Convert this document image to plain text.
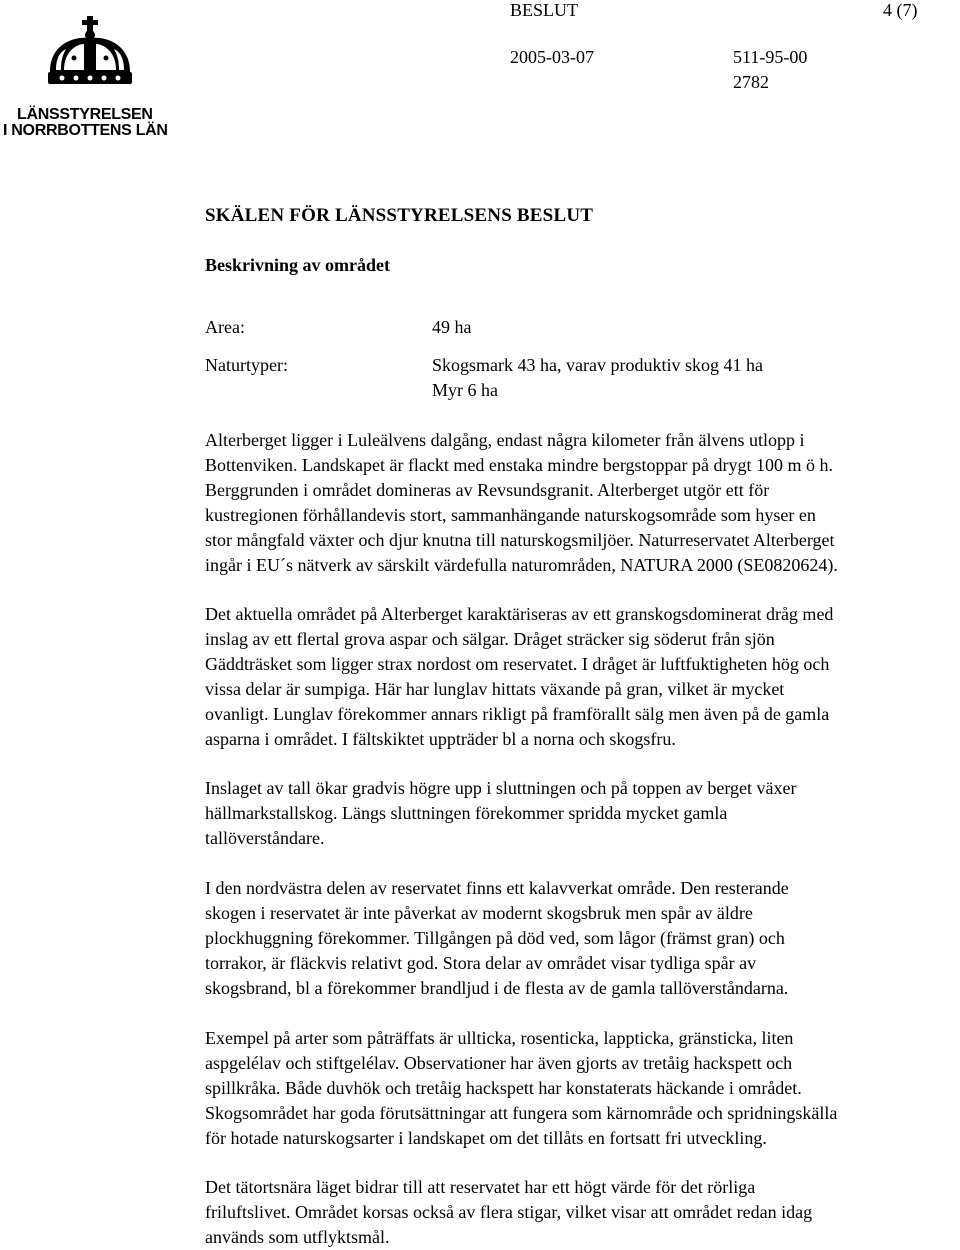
LÄNSSTYRELSEN
I NORRBOTTENS LÄN
BESLUT	4 (7)
2005-03-07	511-95-00
2782
SKÄLEN FÖR LÄNSSTYRELSENS BESLUT
Beskrivning av området
Area:	49 ha
Naturtyper:	Skogsmark 43 ha, varav produktiv skog 41 ha
Myr 6 ha
Alterberget ligger i Luleälvens dalgång, endast några kilometer från älvens utlopp i
Bottenviken. Landskapet är flackt med enstaka mindre bergstoppar på drygt 100 m ö h.
Berggrunden i området domineras av Revsundsgranit. Alterberget utgör ett för
kustregionen förhållandevis stort, sammanhängande naturskogsområde som hyser en
stor mångfald växter och djur knutna till naturskogsmiljöer. Naturreservatet Alterberget
ingår i EU´s nätverk av särskilt värdefulla naturområden, NATURA 2000 (SE0820624).
Det aktuella området på Alterberget karaktäriseras av ett granskogsdominerat dråg med
inslag av ett flertal grova aspar och sälgar. Dråget sträcker sig söderut från sjön
Gäddträsket som ligger strax nordost om reservatet. I dråget är luftfuktigheten hög och
vissa delar är sumpiga. Här har lunglav hittats växande på gran, vilket är mycket
ovanligt. Lunglav förekommer annars rikligt på framförallt sälg men även på de gamla
asparna i området. I fältskiktet uppträder bl a norna och skogsfru.
Inslaget av tall ökar gradvis högre upp i sluttningen och på toppen av berget växer
hällmarkstallskog. Längs sluttningen förekommer spridda mycket gamla
tallöverståndare.
I den nordvästra delen av reservatet finns ett kalavverkat område. Den resterande
skogen i reservatet är inte påverkat av modernt skogsbruk men spår av äldre
plockhuggning förekommer. Tillgången på död ved, som lågor (främst gran) och
torrakor, är fläckvis relativt god. Stora delar av området visar tydliga spår av
skogsbrand, bl a förekommer brandljud i de flesta av de gamla tallöverståndarna.
Exempel på arter som påträffats är ullticka, rosenticka, lappticka, gränsticka, liten
aspgelélav och stiftgelélav. Observationer har även gjorts av tretåig hackspett och
spillkråka. Både duvhök och tretåig hackspett har konstaterats häckande i området.
Skogsområdet har goda förutsättningar att fungera som kärnområde och spridningskälla
för hotade naturskogsarter i landskapet om det tillåts en fortsatt fri utveckling.
Det tätortsnära läget bidrar till att reservatet har ett högt värde för det rörliga
friluftslivet. Området korsas också av flera stigar, vilket visar att området redan idag
används som utflyktsmål.
